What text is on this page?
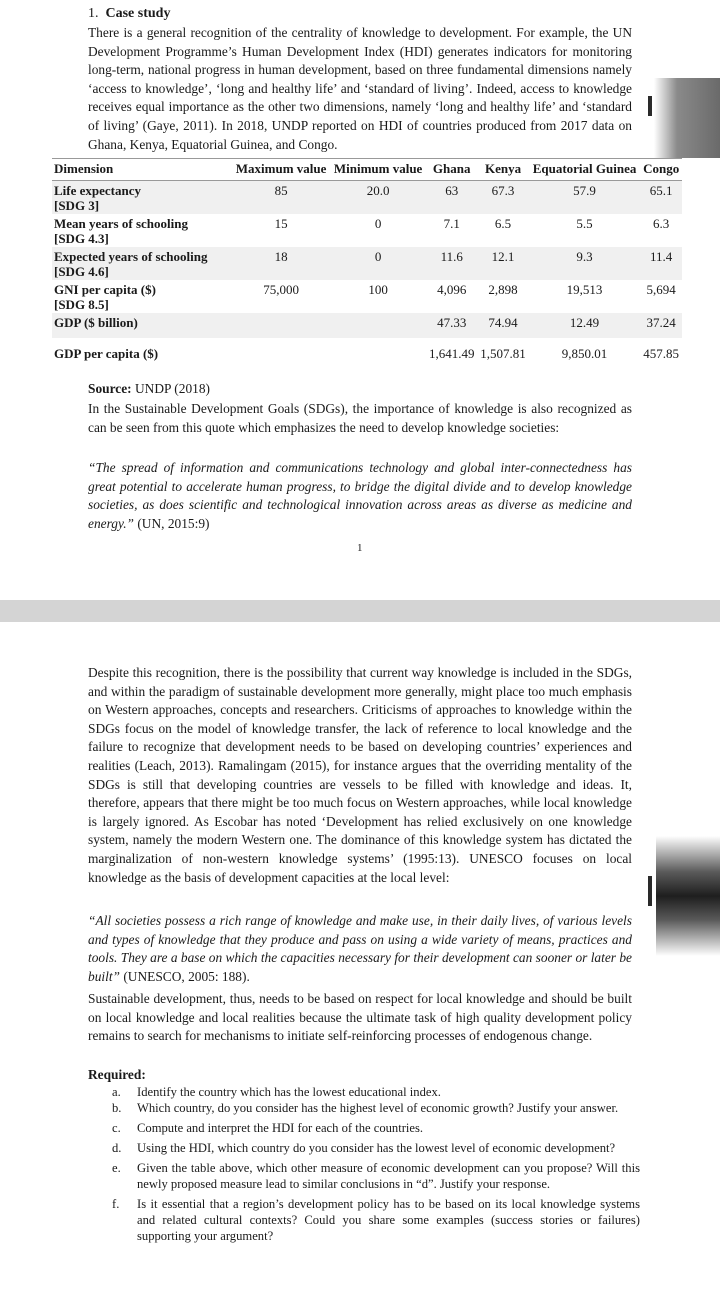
1. Case study
There is a general recognition of the centrality of knowledge to development. For example, the UN Development Programme’s Human Development Index (HDI) generates indicators for monitoring long-term, national progress in human development, based on three fundamental dimensions namely ‘access to knowledge’, ‘long and healthy life’ and ‘standard of living’. Indeed, access to knowledge receives equal importance as the other two dimensions, namely ‘long and healthy life’ and ‘standard of living’ (Gaye, 2011). In 2018, UNDP reported on HDI of countries produced from 2017 data on Ghana, Kenya, Equatorial Guinea, and Congo.
Dimension	Maximum value	Minimum value	Ghana	Kenya	Equatorial Guinea	Congo
Life expectancy
[SDG 3]	85	20.0	63	67.3	57.9	65.1
Mean years of schooling
[SDG 4.3]	15	0	7.1	6.5	5.5	6.3
Expected years of schooling
[SDG 4.6]	18	0	11.6	12.1	9.3	11.4
GNI per capita ($)
[SDG 8.5]	75,000	100	4,096	2,898	19,513	5,694
GDP ($ billion)			47.33	74.94	12.49	37.24
GDP per capita ($)			1,641.49	1,507.81	9,850.01	457.85
Source: UNDP (2018)
In the Sustainable Development Goals (SDGs), the importance of knowledge is also recognized as can be seen from this quote which emphasizes the need to develop knowledge societies:
“The spread of information and communications technology and global inter-connectedness has great potential to accelerate human progress, to bridge the digital divide and to develop knowledge societies, as does scientific and technological innovation across areas as diverse as medicine and energy.” (UN, 2015:9)
1
Despite this recognition, there is the possibility that current way knowledge is included in the SDGs, and within the paradigm of sustainable development more generally, might place too much emphasis on Western approaches, concepts and researchers. Criticisms of approaches to knowledge within the SDGs focus on the model of knowledge transfer, the lack of reference to local knowledge and the failure to recognize that development needs to be based on developing countries’ experiences and realities (Leach, 2013). Ramalingam (2015), for instance argues that the overriding mentality of the SDGs is still that developing countries are vessels to be filled with knowledge and ideas. It, therefore, appears that there might be too much focus on Western approaches, while local knowledge is largely ignored. As Escobar has noted ‘Development has relied exclusively on one knowledge system, namely the modern Western one. The dominance of this knowledge system has dictated the marginalization of non-western knowledge systems’ (1995:13). UNESCO focuses on local knowledge as the basis of development capacities at the local level:
“All societies possess a rich range of knowledge and make use, in their daily lives, of various levels and types of knowledge that they produce and pass on using a wide variety of means, practices and tools. They are a base on which the capacities necessary for their development can sooner or later be built” (UNESCO, 2005: 188).
Sustainable development, thus, needs to be based on respect for local knowledge and should be built on local knowledge and local realities because the ultimate task of high quality development policy remains to search for mechanisms to initiate self-reinforcing processes of endogenous change.
Required:
a. Identify the country which has the lowest educational index.
b. Which country, do you consider has the highest level of economic growth? Justify your answer.
c. Compute and interpret the HDI for each of the countries.
d. Using the HDI, which country do you consider has the lowest level of economic development?
e. Given the table above, which other measure of economic development can you propose? Will this newly proposed measure lead to similar conclusions in “d”. Justify your response.
f. Is it essential that a region’s development policy has to be based on its local knowledge systems and related cultural contexts? Could you share some examples (success stories or failures) supporting your argument?
